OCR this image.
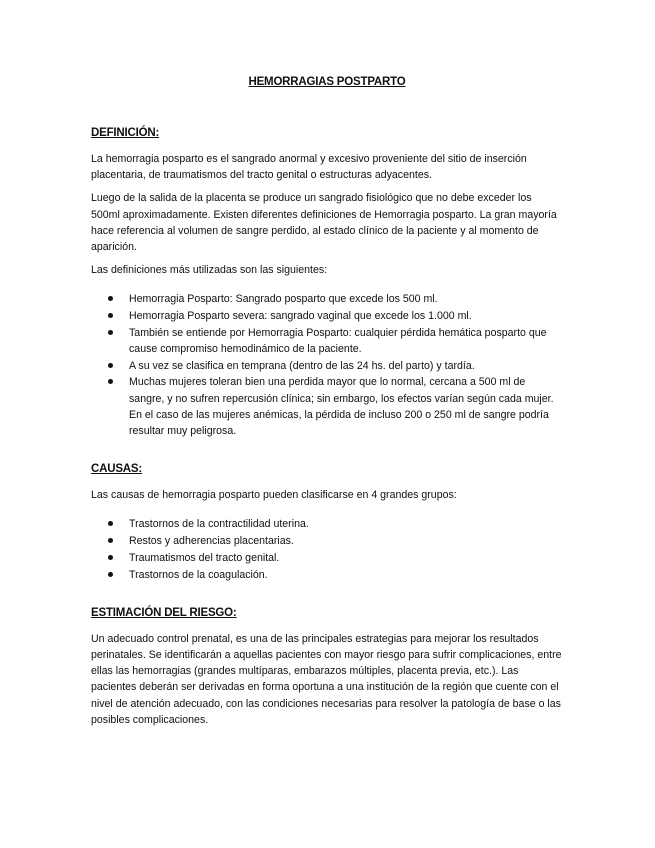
HEMORRAGIAS POSTPARTO
DEFINICIÓN:

La hemorragia posparto es el sangrado anormal y excesivo proveniente del sitio de inserción placentaria, de traumatismos del tracto genital o estructuras adyacentes.

Luego de la salida de la placenta se produce un sangrado fisiológico que no debe exceder los 500ml aproximadamente. Existen diferentes definiciones de Hemorragia posparto. La gran mayoría hace referencia al volumen de sangre perdido, al estado clínico de la paciente y al momento de aparición.

Las definiciones más utilizadas son las siguientes:

Hemorragia Posparto: Sangrado posparto que excede los 500 ml.
Hemorragia Posparto severa: sangrado vaginal que excede los 1.000 ml.
También se entiende por Hemorragia Posparto: cualquier pérdida hemática posparto que cause compromiso hemodinámico de la paciente.
A su vez se clasifica en temprana (dentro de las 24 hs. del parto) y tardía.
Muchas mujeres toleran bien una perdida mayor que lo normal, cercana a 500 ml de sangre, y no sufren repercusión clínica; sin embargo, los efectos varían según cada mujer. En el caso de las mujeres anémicas, la pérdida de incluso 200 o 250 ml de sangre podría resultar muy peligrosa.
CAUSAS:

Las causas de hemorragia posparto pueden clasificarse en 4 grandes grupos:

Trastornos de la contractilidad uterina.
Restos y adherencias placentarias.
Traumatismos del tracto genital.
Trastornos de la coagulación.
ESTIMACIÓN DEL RIESGO:

Un adecuado control prenatal, es una de las principales estrategias para mejorar los resultados perinatales. Se identificarán a aquellas pacientes con mayor riesgo para sufrir complicaciones, entre ellas las hemorragias (grandes multíparas, embarazos múltiples, placenta previa, etc.). Las pacientes deberán ser derivadas en forma oportuna a una institución de la región que cuente con el nivel de atención adecuado, con las condiciones necesarias para resolver la patología de base o las posibles complicaciones.
